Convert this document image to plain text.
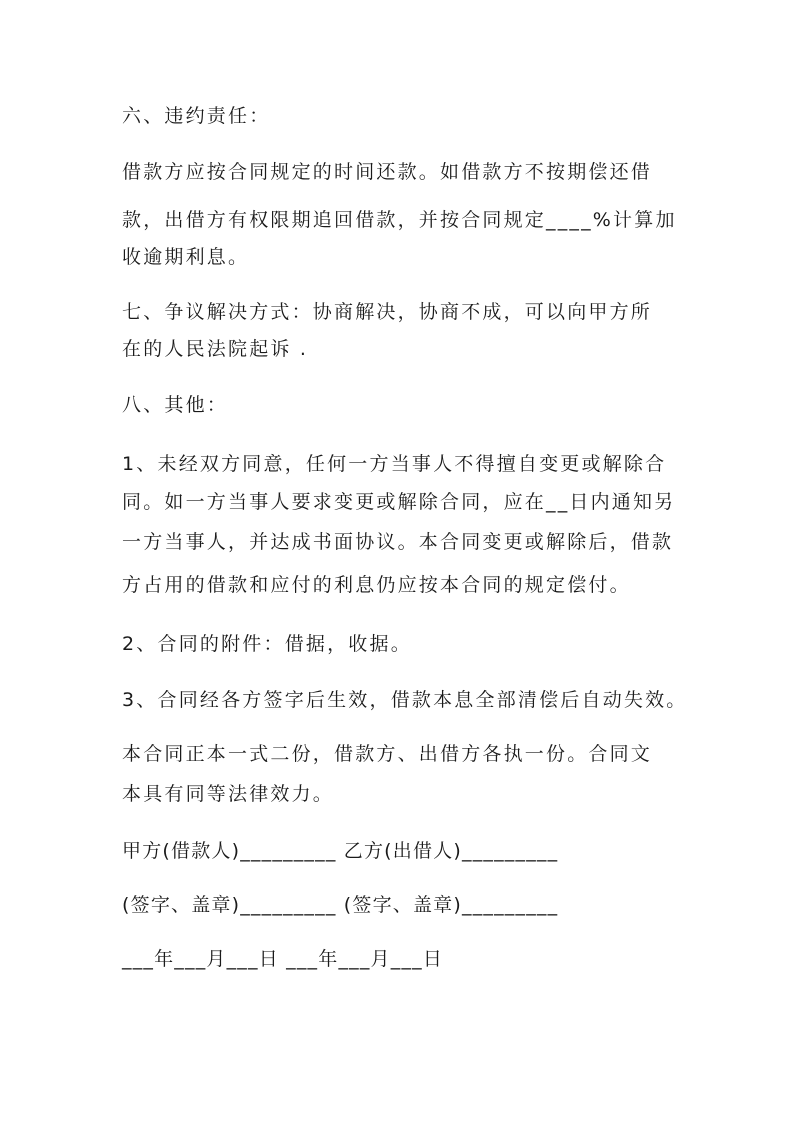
六、违约责任：
借款方应按合同规定的时间还款。如借款方不按期偿还借
款，出借方有权限期追回借款，并按合同规定____%计算加
收逾期利息。
七、争议解决方式：协商解决，协商不成，可以向甲方所
在的人民法院起诉 .
八、其他：
1、未经双方同意，任何一方当事人不得擅自变更或解除合
同。如一方当事人要求变更或解除合同，应在__日内通知另
一方当事人，并达成书面协议。本合同变更或解除后，借款
方占用的借款和应付的利息仍应按本合同的规定偿付。
2、合同的附件：借据，收据。
3、合同经各方签字后生效，借款本息全部清偿后自动失效。
本合同正本一式二份，借款方、出借方各执一份。合同文
本具有同等法律效力。
甲方(借款人)_________ 乙方(出借人)_________
(签字、盖章)_________ (签字、盖章)_________
___年___月___日 ___年___月___日
